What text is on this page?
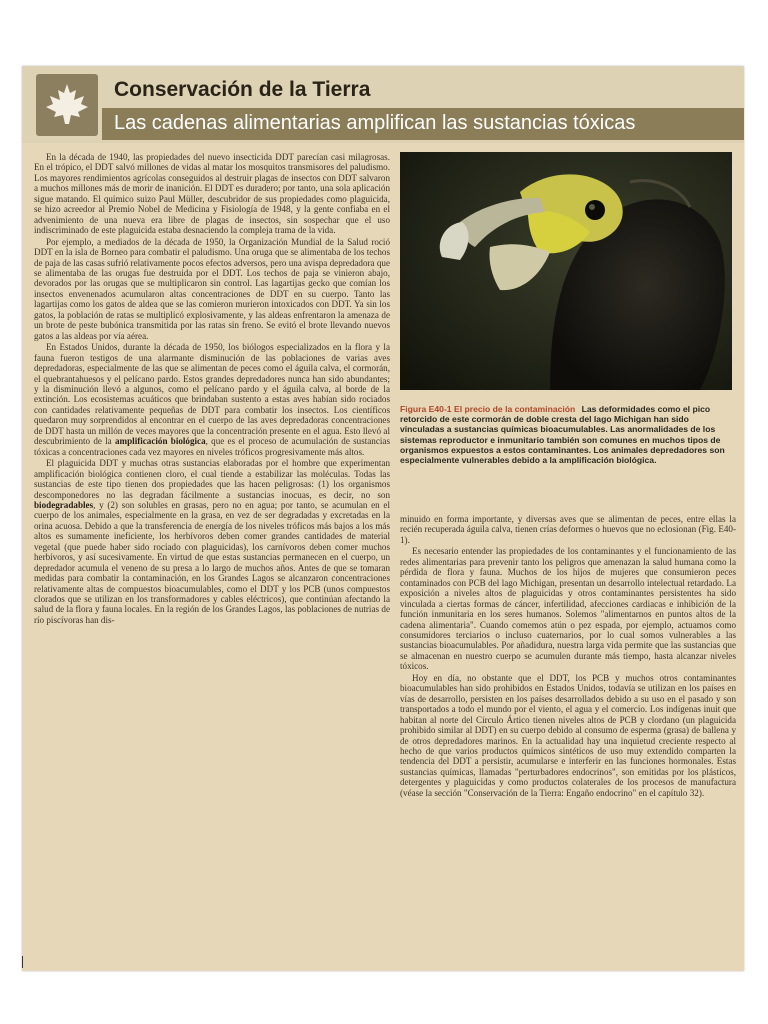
Conservación de la Tierra
Las cadenas alimentarias amplifican las sustancias tóxicas

En la década de 1940, las propiedades del nuevo insecticida DDT parecían casi milagrosas. En el trópico, el DDT salvó millones de vidas al matar los mosquitos transmisores del paludismo. Los mayores rendimientos agrícolas conseguidos al destruir plagas de insectos con DDT salvaron a muchos millones más de morir de inanición. El DDT es duradero; por tanto, una sola aplicación sigue matando. El químico suizo Paul Müller, descubridor de sus propiedades como plaguicida, se hizo acreedor al Premio Nobel de Medicina y Fisiología de 1948, y la gente confiaba en el advenimiento de una nueva era libre de plagas de insectos, sin sospechar que el uso indiscriminado de este plaguicida estaba desnaciendo la compleja trama de la vida.

Por ejemplo, a mediados de la década de 1950, la Organización Mundial de la Salud roció DDT en la isla de Borneo para combatir el paludismo. Una oruga que se alimentaba de los techos de paja de las casas sufrió relativamente pocos efectos adversos, pero una avispa depredadora que se alimentaba de las orugas fue destruida por el DDT. Los techos de paja se vinieron abajo, devorados por las orugas que se multiplicaron sin control. Las lagartijas gecko que comían los insectos envenenados acumularon altas concentraciones de DDT en su cuerpo. Tanto las lagartijas como los gatos de aldea que se las comieron murieron intoxicados con DDT. Ya sin los gatos, la población de ratas se multiplicó explosivamente, y las aldeas enfrentaron la amenaza de un brote de peste bubónica transmitida por las ratas sin freno. Se evitó el brote llevando nuevos gatos a las aldeas por vía aérea.

En Estados Unidos, durante la década de 1950, los biólogos especializados en la flora y la fauna fueron testigos de una alarmante disminución de las poblaciones de varias aves depredadoras, especialmente de las que se alimentan de peces como el águila calva, el cormorán, el quebrantahuesos y el pelícano pardo. Estos grandes depredadores nunca han sido abundantes; y la disminución llevó a algunos, como el pelícano pardo y el águila calva, al borde de la extinción. Los ecosistemas acuáticos que brindaban sustento a estas aves habían sido rociados con cantidades relativamente pequeñas de DDT para combatir los insectos. Los científicos quedaron muy sorprendidos al encontrar en el cuerpo de las aves depredadoras concentraciones de DDT hasta un millón de veces mayores que la concentración presente en el agua. Esto llevó al descubrimiento de la amplificación biológica, que es el proceso de acumulación de sustancias tóxicas a concentraciones cada vez mayores en niveles tróficos progresivamente más altos.

El plaguicida DDT y muchas otras sustancias elaboradas por el hombre que experimentan amplificación biológica contienen cloro, el cual tiende a estabilizar las moléculas. Todas las sustancias de este tipo tienen dos propiedades que las hacen peligrosas: (1) los organismos descomponedores no las degradan fácilmente a sustancias inocuas, es decir, no son biodegradables, y (2) son solubles en grasas, pero no en agua; por tanto, se acumulan en el cuerpo de los animales, especialmente en la grasa, en vez de ser degradadas y excretadas en la orina acuosa. Debido a que la transferencia de energía de los niveles tróficos más bajos a los más altos es sumamente ineficiente, los herbívoros deben comer grandes cantidades de material vegetal (que puede haber sido rociado con plaguicidas), los carnívoros deben comer muchos herbívoros, y así sucesivamente. En virtud de que estas sustancias permanecen en el cuerpo, un depredador acumula el veneno de su presa a lo largo de muchos años. Antes de que se tomaran medidas para combatir la contaminación, en los Grandes Lagos se alcanzaron concentraciones relativamente altas de compuestos bioacumulables, como el DDT y los PCB (unos compuestos clorados que se utilizan en los transformadores y cables eléctricos), que continúan afectando la salud de la flora y fauna locales. En la región de los Grandes Lagos, las poblaciones de nutrias de río piscívoras han dis-

Figura E40-1 El precio de la contaminación Las deformidades como el pico retorcido de este cormorán de doble cresta del lago Michigan han sido vinculadas a sustancias químicas bioacumulables. Las anormalidades de los sistemas reproductor e inmunitario también son comunes en muchos tipos de organismos expuestos a estos contaminantes. Los animales depredadores son especialmente vulnerables debido a la amplificación biológica.

minuido en forma importante, y diversas aves que se alimentan de peces, entre ellas la recién recuperada águila calva, tienen crías deformes o huevos que no eclosionan (Fig. E40-1).

Es necesario entender las propiedades de los contaminantes y el funcionamiento de las redes alimentarias para prevenir tanto los peligros que amenazan la salud humana como la pérdida de flora y fauna. Muchos de los hijos de mujeres que consumieron peces contaminados con PCB del lago Michigan, presentan un desarrollo intelectual retardado. La exposición a niveles altos de plaguicidas y otros contaminantes persistentes ha sido vinculada a ciertas formas de cáncer, infertilidad, afecciones cardiacas e inhibición de la función inmunitaria en los seres humanos. Solemos "alimentarnos en puntos altos de la cadena alimentaria". Cuando comemos atún o pez espada, por ejemplo, actuamos como consumidores terciarios o incluso cuaternarios, por lo cual somos vulnerables a las sustancias bioacumulables. Por añadidura, nuestra larga vida permite que las sustancias que se almacenan en nuestro cuerpo se acumulen durante más tiempo, hasta alcanzar niveles tóxicos.

Hoy en día, no obstante que el DDT, los PCB y muchos otros contaminantes bioacumulables han sido prohibidos en Estados Unidos, todavía se utilizan en los países en vías de desarrollo, persisten en los países desarrollados debido a su uso en el pasado y son transportados a todo el mundo por el viento, el agua y el comercio. Los indígenas inuit que habitan al norte del Círculo Ártico tienen niveles altos de PCB y clordano (un plaguicida prohibido similar al DDT) en su cuerpo debido al consumo de esperma (grasa) de ballena y de otros depredadores marinos. En la actualidad hay una inquietud creciente respecto al hecho de que varios productos químicos sintéticos de uso muy extendido comparten la tendencia del DDT a persistir, acumularse e interferir en las funciones hormonales. Estas sustancias químicas, llamadas "perturbadores endocrinos", son emitidas por los plásticos, detergentes y plaguicidas y como productos colaterales de los procesos de manufactura (véase la sección "Conservación de la Tierra: Engaño endocrino" en el capítulo 32).
